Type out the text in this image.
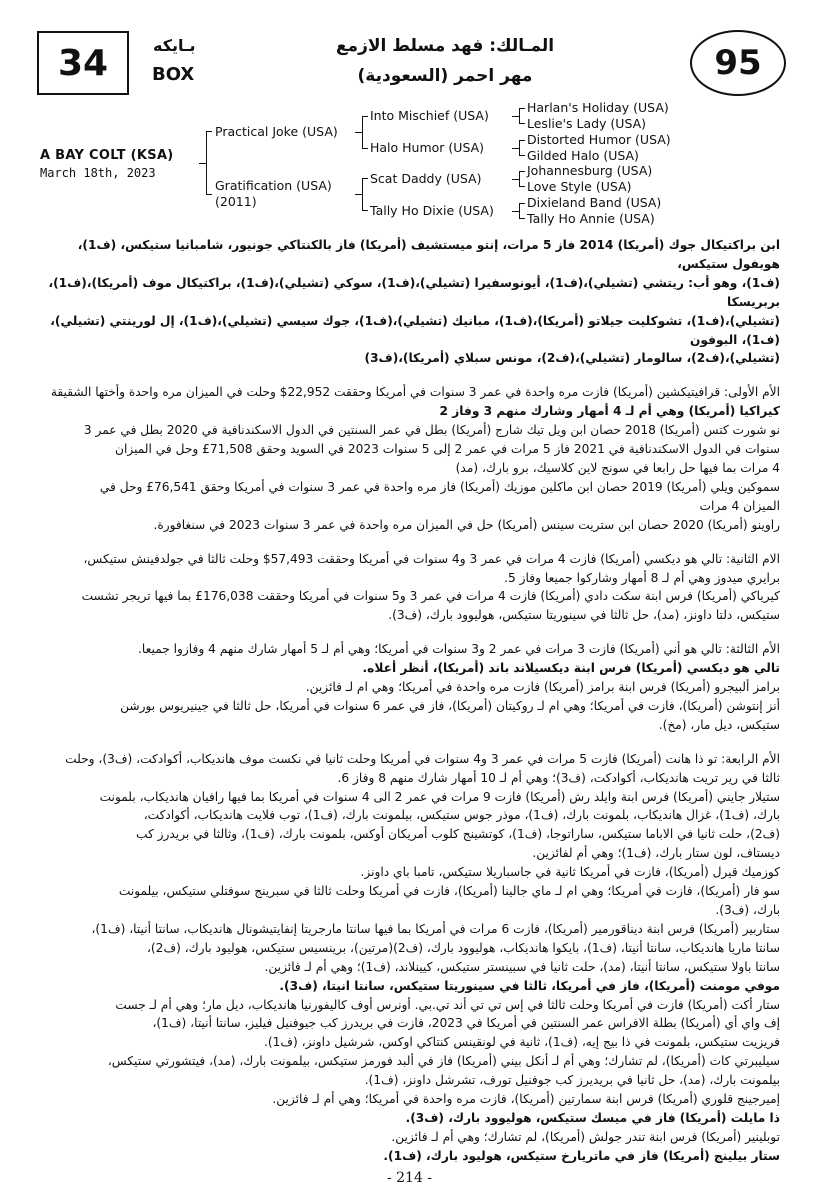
34	بـايكه
BOX
المـالك: فهد مسلط الازمع
مهر احمر (السعودية)	95
A BAY COLT (KSA)
March 18th, 2023
Practical Joke (USA)
Gratification (USA)
(2011)
Into Mischief (USA)
Halo Humor (USA)
Scat Daddy (USA)
Tally Ho Dixie (USA)
Harlan's Holiday (USA)
Leslie's Lady (USA)
Distorted Humor (USA)
Gilded Halo (USA)
Johannesburg (USA)
Love Style (USA)
Dixieland Band (USA)
Tally Ho Annie (USA)

ابن براكتيكال جوك (أمريكا) 2014 فاز 5 مرات، إنتو ميستشيف (أمريكا) فاز بالكنتاكي جونيور، شامبانيا ستيكس، (ف1)، هوبفول ستيكس،

(ف1)، وهو أب: ريتشي (تشيلي)،(ف1)، أيونوسفيرا (تشيلي)،(ف1)، سوكي (تشيلي)،(ف1)، براكتيكال موف (أمريكا)،(ف1)، بربريسكا

(تشيلي)،(ف1)، تشوكليت جيلاتو (أمريكا)،(ف1)، مبانيك (تشيلي)،(ف1)، جوك سيسي (تشيلي)،(ف1)، إل لورينتي (تشيلي)،(ف1)، البوفون

(تشيلي)،(ف2)، سالومار (تشيلي)،(ف2)، مونس سبلاي (أمريكا)،(ف3)

الأم الأولى: قرافيتيكشين (أمريكا) فازت مره واحدة في عمر 3 سنوات في أمريكا وحققت 22,952$ وحلت في الميزان مره واحدة وأختها الشقيقة

كيراكيا (أمريكا) وهي أم لـ 4 أمهار وشارك منهم 3 وفاز 2

نو شورت كتس (أمريكا) 2018 حصان ابن ويل تيك شارج (أمريكا) بطل في عمر السنتين في الدول الاسكندنافية في 2020 بطل في عمر 3

سنوات في الدول الاسكندنافية في 2021 فاز 5 مرات في عمر 2 إلى 5 سنوات 2023 في السويد وحقق 71,508£ وحل في الميزان

4 مرات بما فيها حل رابعا في سونج لاين كلاسيك، برو بارك، (مد)

سموكين ويلي (أمريكا) 2019 حصان ابن ماكلين موزيك (أمريكا) فاز مره واحدة في عمر 3 سنوات في أمريكا وحقق 76,541£ وحل في

الميزان 4 مرات

راوينو (أمريكا) 2020 حصان ابن ستريت سينس (أمريكا) حل في الميزان مره واحدة في عمر 3 سنوات 2023 في سنغافورة.

الام الثانية: تالي هو ديكسي (أمريكا) فازت 4 مرات في عمر 3 و4 سنوات في أمريكا وحققت 57,493$ وحلت ثالثا في جولدفينش ستيكس،

برايري ميدوز وهي أم لـ 8 أمهار وشاركوا جميعا وفاز 5.

كيرياكي (أمريكا) فرس ابنة سكت دادي (أمريكا) فازت 4 مرات في عمر 3 و5 سنوات في أمريكا وحققت 176,038£ بما فيها تريجر تشست

ستيكس، دلتا داونز، (مد)، حل ثالثا في سينوريتا ستيكس، هوليوود بارك، (ف3).

الأم الثالثة: تالي هو أني (أمريكا) فازت 3 مرات في عمر 2 و3 سنوات في أمريكا؛ وهي أم لـ 5 أمهار شارك منهم 4 وفازوا جميعا.

تالي هو ديكسي (أمريكا) فرس ابنة ديكسيلاند باند (أمريكا)، أنظر أعلاه.

برامز ألبيجرو (أمريكا) فرس ابنة برامز (أمريكا) فازت مره واحدة في أمريكا؛ وهي ام لـ فائزين.

أنز إنتوشن (أمريكا)، فازت في أمريكا؛ وهي ام لـ روكيتان (أمريكا)، فاز في عمر 6 سنوات في أمريكا، حل ثالثا في جينيريوس بورشن

ستيكس، ديل مار، (مخ).

الأم الرابعة: تو ذا هانت (أمريكا) فازت 5 مرات في عمر 3 و4 سنوات في أمريكا وحلت ثانيا في نكست موف هانديكاب، أكوادكت، (ف3)، وحلت

ثالثا في رير تريت هانديكاب، أكوادكت، (ف3)؛ وهي أم لـ 10 أمهار شارك منهم 8 وفاز 6.

ستيلار جايني (أمريكا) فرس ابنة وايلد رش (أمريكا) فازت 9 مرات في عمر 2 الى 4 سنوات في أمريكا بما فيها رافيان هانديكاب، بلمونت

بارك، (ف1)، غزال هانديكاب، بلمونت بارك، (ف1)، موذر جوس ستيكس، بيلمونت بارك، (ف1)، توب فلايت هانديكاب، أكوادكت،

(ف2)، حلت ثانيا في الاباما ستيكس، ساراتوجا، (ف1)، كوتشينج كلوب أمريكان أوكس، بلمونت بارك، (ف1)، وثالثا في بريدرز كب

ديستاف، لون ستار بارك، (ف1)؛ وهي أم لفائزين.

كوزميك قيرل (أمريكا)، فازت في أمريكا ثانية في جاسباريلا ستيكس، تامبا باي داونز.

سو فار (أمريكا)، فازت في أمريكا؛ وهي ام لـ ماي جالينا (أمريكا)، فازت في أمريكا وحلت ثالثا في سبرينج سوفتلي ستيكس، بيلمونت

بارك، (ف3).

ستاربير (أمريكا) فرس ابنة ديناقورمير (أمريكا)، فازت 6 مرات في أمريكا بما فيها سانتا مارجريتا إنفايتيشونال هانديكاب، سانتا أنيتا، (ف1)،

سانتا ماريا هانديكاب، سانتا أنيتا، (ف1)، بايكوا هانديكاب، هوليوود بارك، (ف2)(مرتين)، برينسيس ستيكس، هوليود بارك، (ف2)،

سانتا باولا ستيكس، سانتا أنيتا، (مد)، حلت ثانيا في سبينستر ستيكس، كيينلاند، (ف1)؛ وهي أم لـ فائزين.

موفي مومنت (أمريكا)، فاز في أمريكا، ثالثا في سينوريتا ستيكس، سانتا انيتا، (ف3).

ستار أكت (أمريكا) فازت في أمريكا وحلت ثالثا في إس تي تي أند تي.بي. أونرس أوف كاليفورنيا هانديكاب، ديل مار؛ وهي أم لـ جست

إف واي أي (أمريكا) بطلة الافراس عمر السنتين في أمريكا في 2023، فازت في بريدرز كب جيوفنيل فيليز، سانتا أنيتا، (ف1)،

فريزيت ستيكس، بلمونت في ذا بيج إيه، (ف1)، ثانية في لونقينس كنتاكي اوكس، شرشيل داونز، (ف1).

سيليبرتي كات (أمريكا)، لم تشارك؛ وهي أم لـ أنكل بيني (أمريكا) فاز في ألبد فورمز ستيكس، بيلمونت بارك، (مد)، فيتشورتي ستيكس،

بيلمونت بارك، (مد)، حل ثانيا في بريديرز كب جوفنيل تورف، تشرشل داونز، (ف1).

إميرجينج قلوري (أمريكا) فرس ابنة سمارتين (أمريكا)، فازت مره واحدة في أمريكا؛ وهي أم لـ فائزين.

ذا مايلت (أمريكا) فاز في ميسك ستيكس، هوليوود بارك، (ف3).

توبلينير (أمريكا) فرس ابنة تندر جولش (أمريكا)، لم تشارك؛ وهي أم لـ فائزين.

ستار بيلينج (أمريكا) فاز في ماتريارخ ستيكس، هوليود بارك، (ف1).

- 214 -
